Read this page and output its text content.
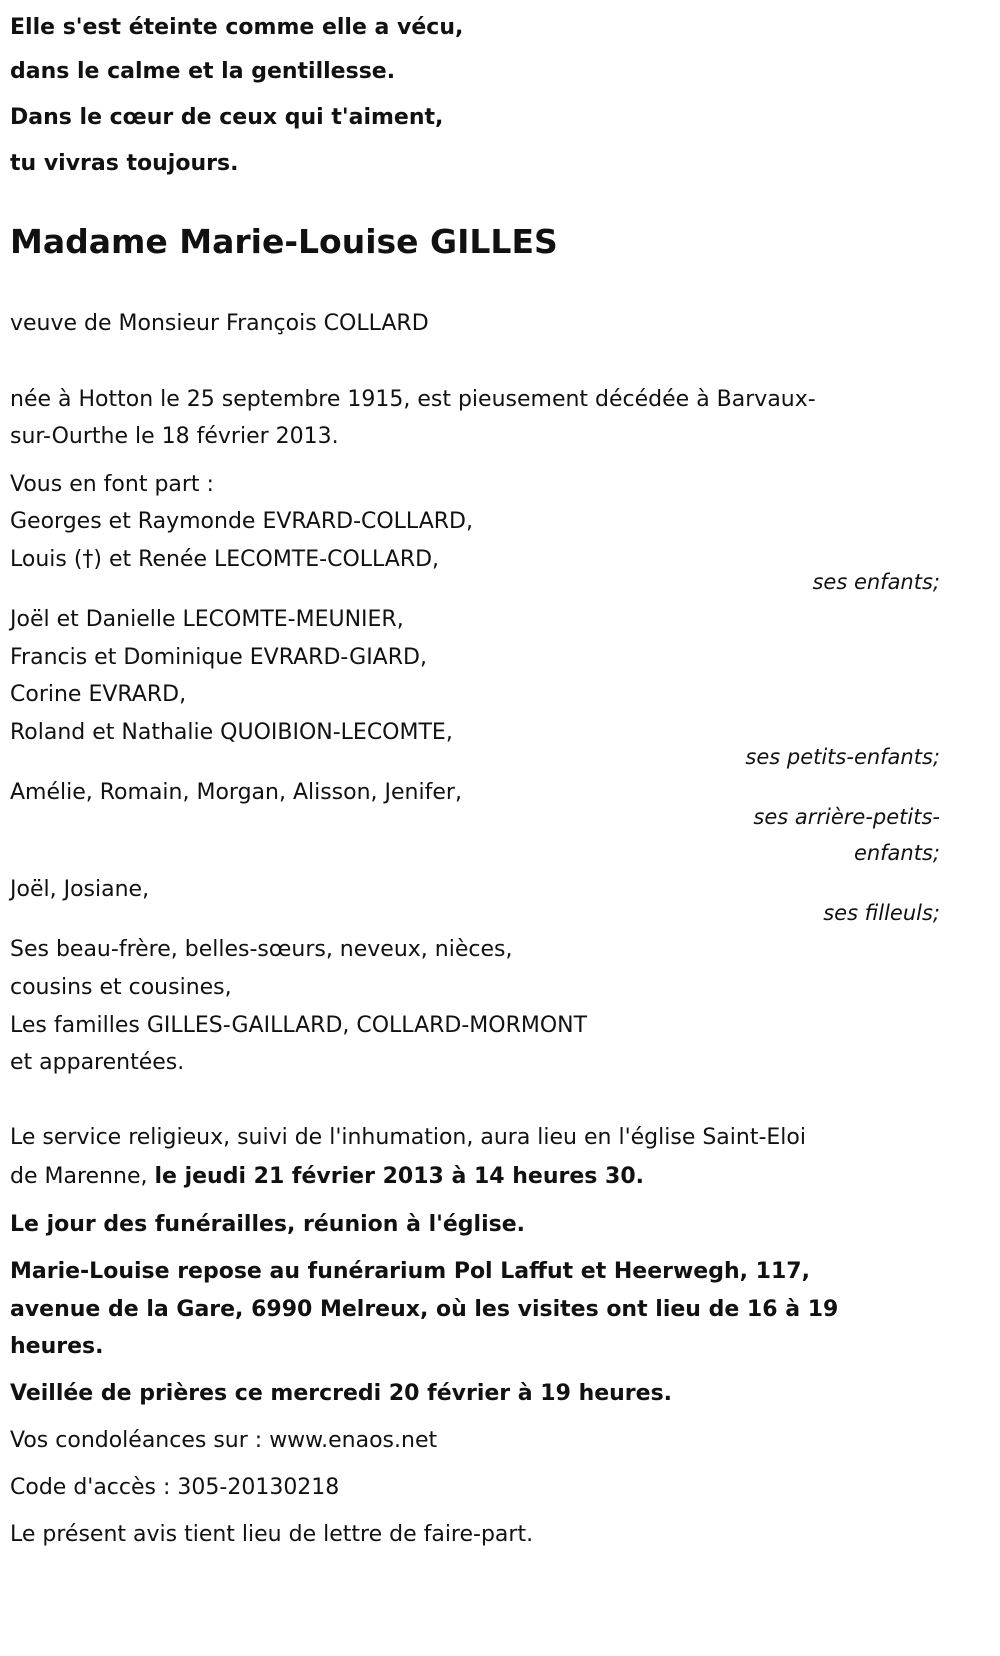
Elle s'est éteinte comme elle a vécu,
dans le calme et la gentillesse.
Dans le cœur de ceux qui t'aiment,
tu vivras toujours.
Madame Marie-Louise GILLES
veuve de Monsieur François COLLARD
née à Hotton le 25 septembre 1915, est pieusement décédée à Barvaux-
sur-Ourthe le 18 février 2013.
Vous en font part :
Georges et Raymonde EVRARD-COLLARD,
Louis (†) et Renée LECOMTE-COLLARD,
ses enfants;
Joël et Danielle LECOMTE-MEUNIER,
Francis et Dominique EVRARD-GIARD,
Corine EVRARD,
Roland et Nathalie QUOIBION-LECOMTE,
ses petits-enfants;
Amélie, Romain, Morgan, Alisson, Jenifer,
ses arrière-petits-
enfants;
Joël, Josiane,
ses filleuls;
Ses beau-frère, belles-sœurs, neveux, nièces,
cousins et cousines,
Les familles GILLES-GAILLARD, COLLARD-MORMONT
et apparentées.
Le service religieux, suivi de l'inhumation, aura lieu en l'église Saint-Eloi
de Marenne, le jeudi 21 février 2013 à 14 heures 30.
Le jour des funérailles, réunion à l'église.
Marie-Louise repose au funérarium Pol Laffut et Heerwegh, 117,
avenue de la Gare, 6990 Melreux, où les visites ont lieu de 16 à 19
heures.
Veillée de prières ce mercredi 20 février à 19 heures.
Vos condoléances sur : www.enaos.net
Code d'accès : 305-20130218
Le présent avis tient lieu de lettre de faire-part.
